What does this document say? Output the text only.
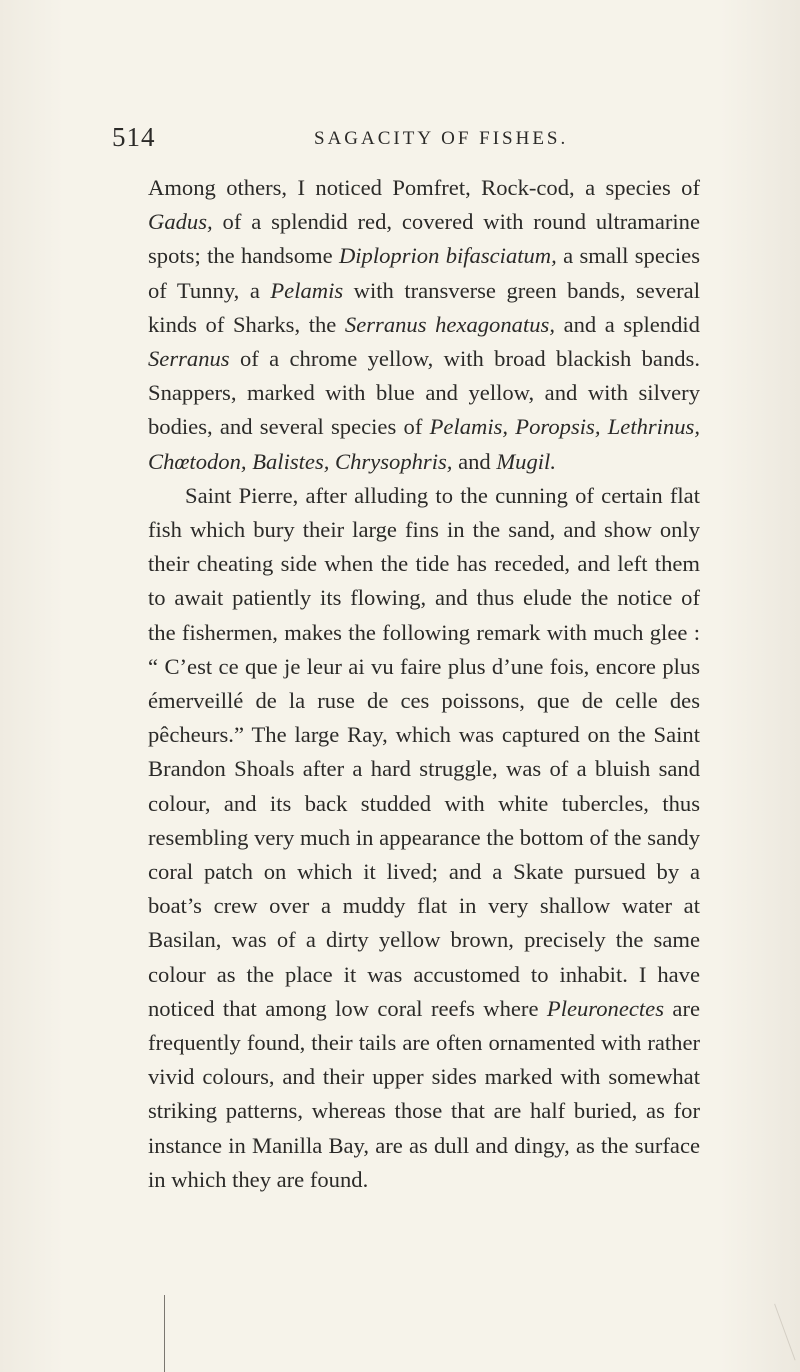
514	SAGACITY OF FISHES.

Among others, I noticed Pomfret, Rock-cod, a species of Gadus, of a splendid red, covered with round ultramarine spots; the handsome Diploprion bifasciatum, a small species of Tunny, a Pelamis with transverse green bands, several kinds of Sharks, the Serranus hexagonatus, and a splendid Serranus of a chrome yellow, with broad blackish bands. Snappers, marked with blue and yellow, and with silvery bodies, and several species of Pelamis, Poropsis, Lethrinus, Chœtodon, Balistes, Chrysophris, and Mugil.

Saint Pierre, after alluding to the cunning of certain flat fish which bury their large fins in the sand, and show only their cheating side when the tide has receded, and left them to await patiently its flowing, and thus elude the notice of the fishermen, makes the following remark with much glee : “ C’est ce que je leur ai vu faire plus d’une fois, encore plus émerveillé de la ruse de ces poissons, que de celle des pêcheurs.” The large Ray, which was captured on the Saint Brandon Shoals after a hard struggle, was of a bluish sand colour, and its back studded with white tubercles, thus resembling very much in appearance the bottom of the sandy coral patch on which it lived; and a Skate pursued by a boat’s crew over a muddy flat in very shallow water at Basilan, was of a dirty yellow brown, precisely the same colour as the place it was accustomed to inhabit. I have noticed that among low coral reefs where Pleuronectes are frequently found, their tails are often ornamented with rather vivid colours, and their upper sides marked with somewhat striking patterns, whereas those that are half buried, as for instance in Manilla Bay, are as dull and dingy, as the surface in which they are found.
